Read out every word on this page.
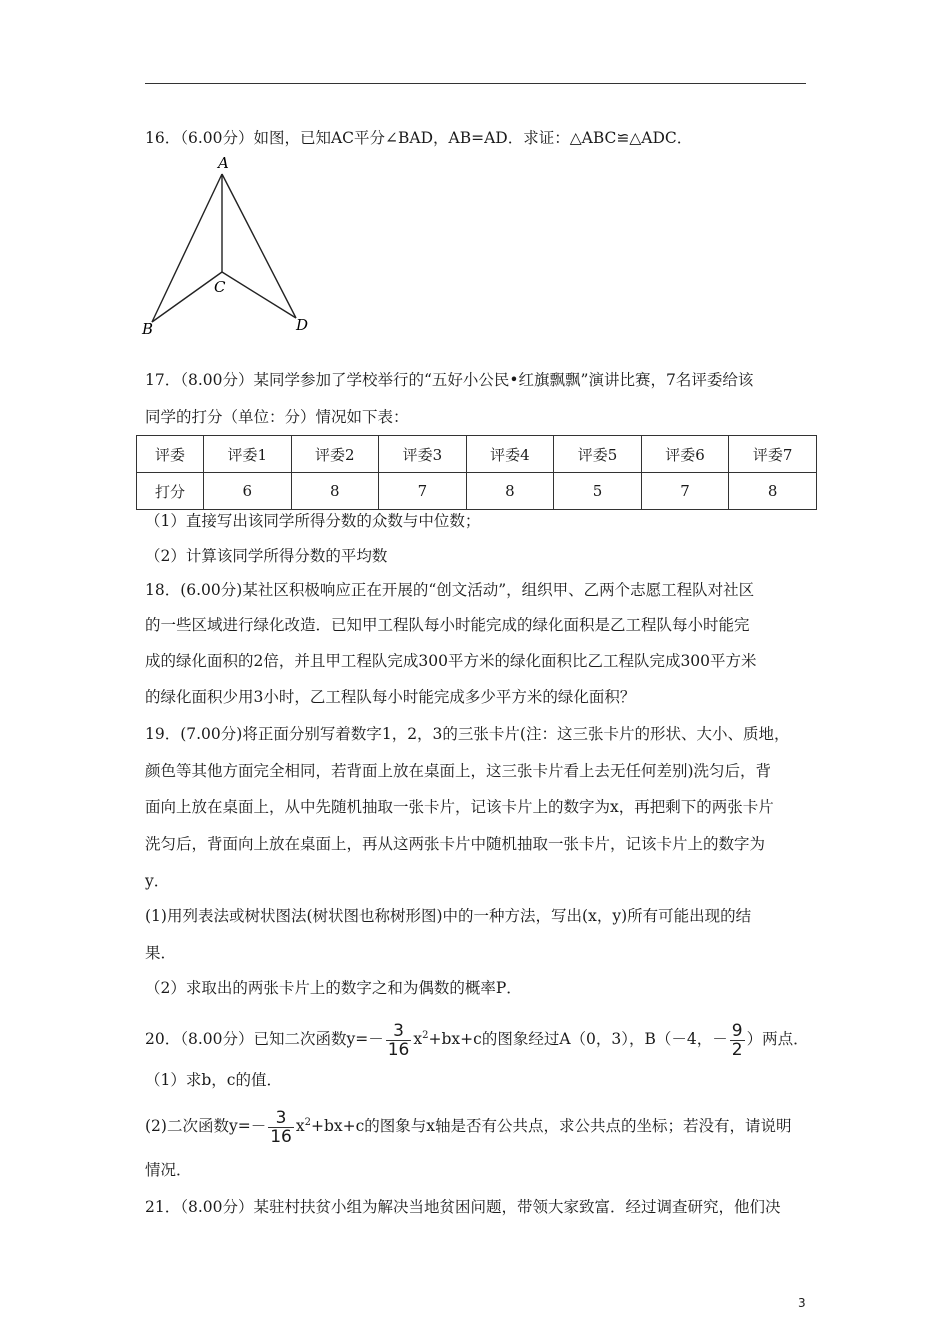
16．（6.00分）如图，已知AC平分∠BAD，AB=AD．求证：△ABC≌△ADC．
A
B
C
D
17．（8.00分）某同学参加了学校举行的“五好小公民•红旗飘飘”演讲比赛，7名评委给该
同学的打分（单位：分）情况如下表：
评委	评委1	评委2	评委3	评委4	评委5	评委6	评委7
打分	6	8	7	8	5	7	8
（1）直接写出该同学所得分数的众数与中位数；
（2）计算该同学所得分数的平均数
18．(6.00分)某社区积极响应正在开展的“创文活动”，组织甲、乙两个志愿工程队对社区
的一些区域进行绿化改造．已知甲工程队每小时能完成的绿化面积是乙工程队每小时能完
成的绿化面积的2倍，并且甲工程队完成300平方米的绿化面积比乙工程队完成300平方米
的绿化面积少用3小时，乙工程队每小时能完成多少平方米的绿化面积？
19．(7.00分)将正面分别写着数字1，2，3的三张卡片(注：这三张卡片的形状、大小、质地，
颜色等其他方面完全相同，若背面上放在桌面上，这三张卡片看上去无任何差别)洗匀后，背
面向上放在桌面上，从中先随机抽取一张卡片，记该卡片上的数字为x，再把剩下的两张卡片
洗匀后，背面向上放在桌面上，再从这两张卡片中随机抽取一张卡片，记该卡片上的数字为
y．
(1)用列表法或树状图法(树状图也称树形图)中的一种方法，写出(x，y)所有可能出现的结
果．
（2）求取出的两张卡片上的数字之和为偶数的概率P．
20．（8.00分）已知二次函数$y=- \frac{3}{16} x^2+bx+c$的图象经过A（0，3），B（－4，－ $\frac{9}{2}$ ）两点．
（1）求b，c的值．
(2)二次函数$y=- \frac{3}{16} x^2+bx+c$的图象与x轴是否有公共点，求公共点的坐标；若没有，请说明
情况．
21．（8.00分）某驻村扶贫小组为解决当地贫困问题，带领大家致富．经过调查研究，他们决
3
